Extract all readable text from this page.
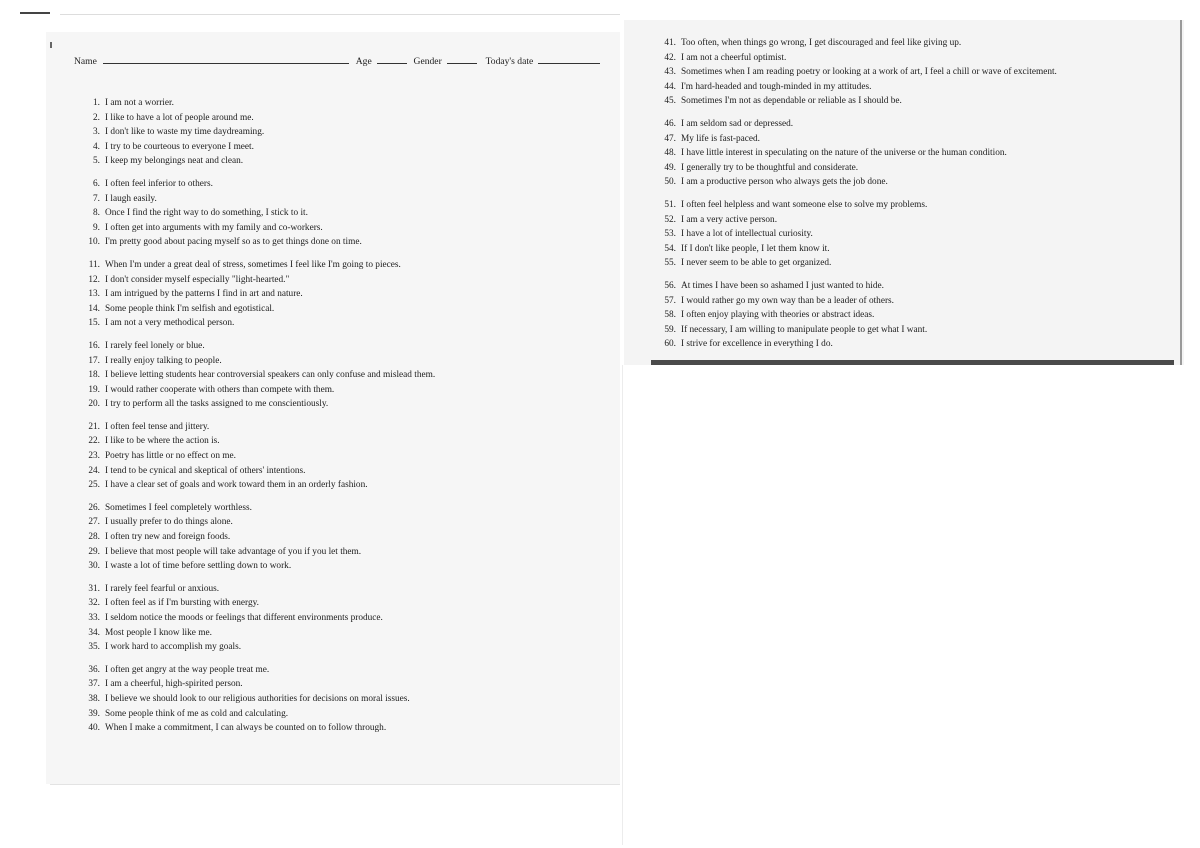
Name	Age	Gender	Today's date
1. I am not a worrier.
2. I like to have a lot of people around me.
3. I don't like to waste my time daydreaming.
4. I try to be courteous to everyone I meet.
5. I keep my belongings neat and clean.
6. I often feel inferior to others.
7. I laugh easily.
8. Once I find the right way to do something, I stick to it.
9. I often get into arguments with my family and co-workers.
10. I'm pretty good about pacing myself so as to get things done on time.
11. When I'm under a great deal of stress, sometimes I feel like I'm going to pieces.
12. I don't consider myself especially "light-hearted."
13. I am intrigued by the patterns I find in art and nature.
14. Some people think I'm selfish and egotistical.
15. I am not a very methodical person.
16. I rarely feel lonely or blue.
17. I really enjoy talking to people.
18. I believe letting students hear controversial speakers can only confuse and mislead them.
19. I would rather cooperate with others than compete with them.
20. I try to perform all the tasks assigned to me conscientiously.
21. I often feel tense and jittery.
22. I like to be where the action is.
23. Poetry has little or no effect on me.
24. I tend to be cynical and skeptical of others' intentions.
25. I have a clear set of goals and work toward them in an orderly fashion.
26. Sometimes I feel completely worthless.
27. I usually prefer to do things alone.
28. I often try new and foreign foods.
29. I believe that most people will take advantage of you if you let them.
30. I waste a lot of time before settling down to work.
31. I rarely feel fearful or anxious.
32. I often feel as if I'm bursting with energy.
33. I seldom notice the moods or feelings that different environments produce.
34. Most people I know like me.
35. I work hard to accomplish my goals.
36. I often get angry at the way people treat me.
37. I am a cheerful, high-spirited person.
38. I believe we should look to our religious authorities for decisions on moral issues.
39. Some people think of me as cold and calculating.
40. When I make a commitment, I can always be counted on to follow through.
41. Too often, when things go wrong, I get discouraged and feel like giving up.
42. I am not a cheerful optimist.
43. Sometimes when I am reading poetry or looking at a work of art, I feel a chill or wave of excitement.
44. I'm hard-headed and tough-minded in my attitudes.
45. Sometimes I'm not as dependable or reliable as I should be.
46. I am seldom sad or depressed.
47. My life is fast-paced.
48. I have little interest in speculating on the nature of the universe or the human condition.
49. I generally try to be thoughtful and considerate.
50. I am a productive person who always gets the job done.
51. I often feel helpless and want someone else to solve my problems.
52. I am a very active person.
53. I have a lot of intellectual curiosity.
54. If I don't like people, I let them know it.
55. I never seem to be able to get organized.
56. At times I have been so ashamed I just wanted to hide.
57. I would rather go my own way than be a leader of others.
58. I often enjoy playing with theories or abstract ideas.
59. If necessary, I am willing to manipulate people to get what I want.
60. I strive for excellence in everything I do.
